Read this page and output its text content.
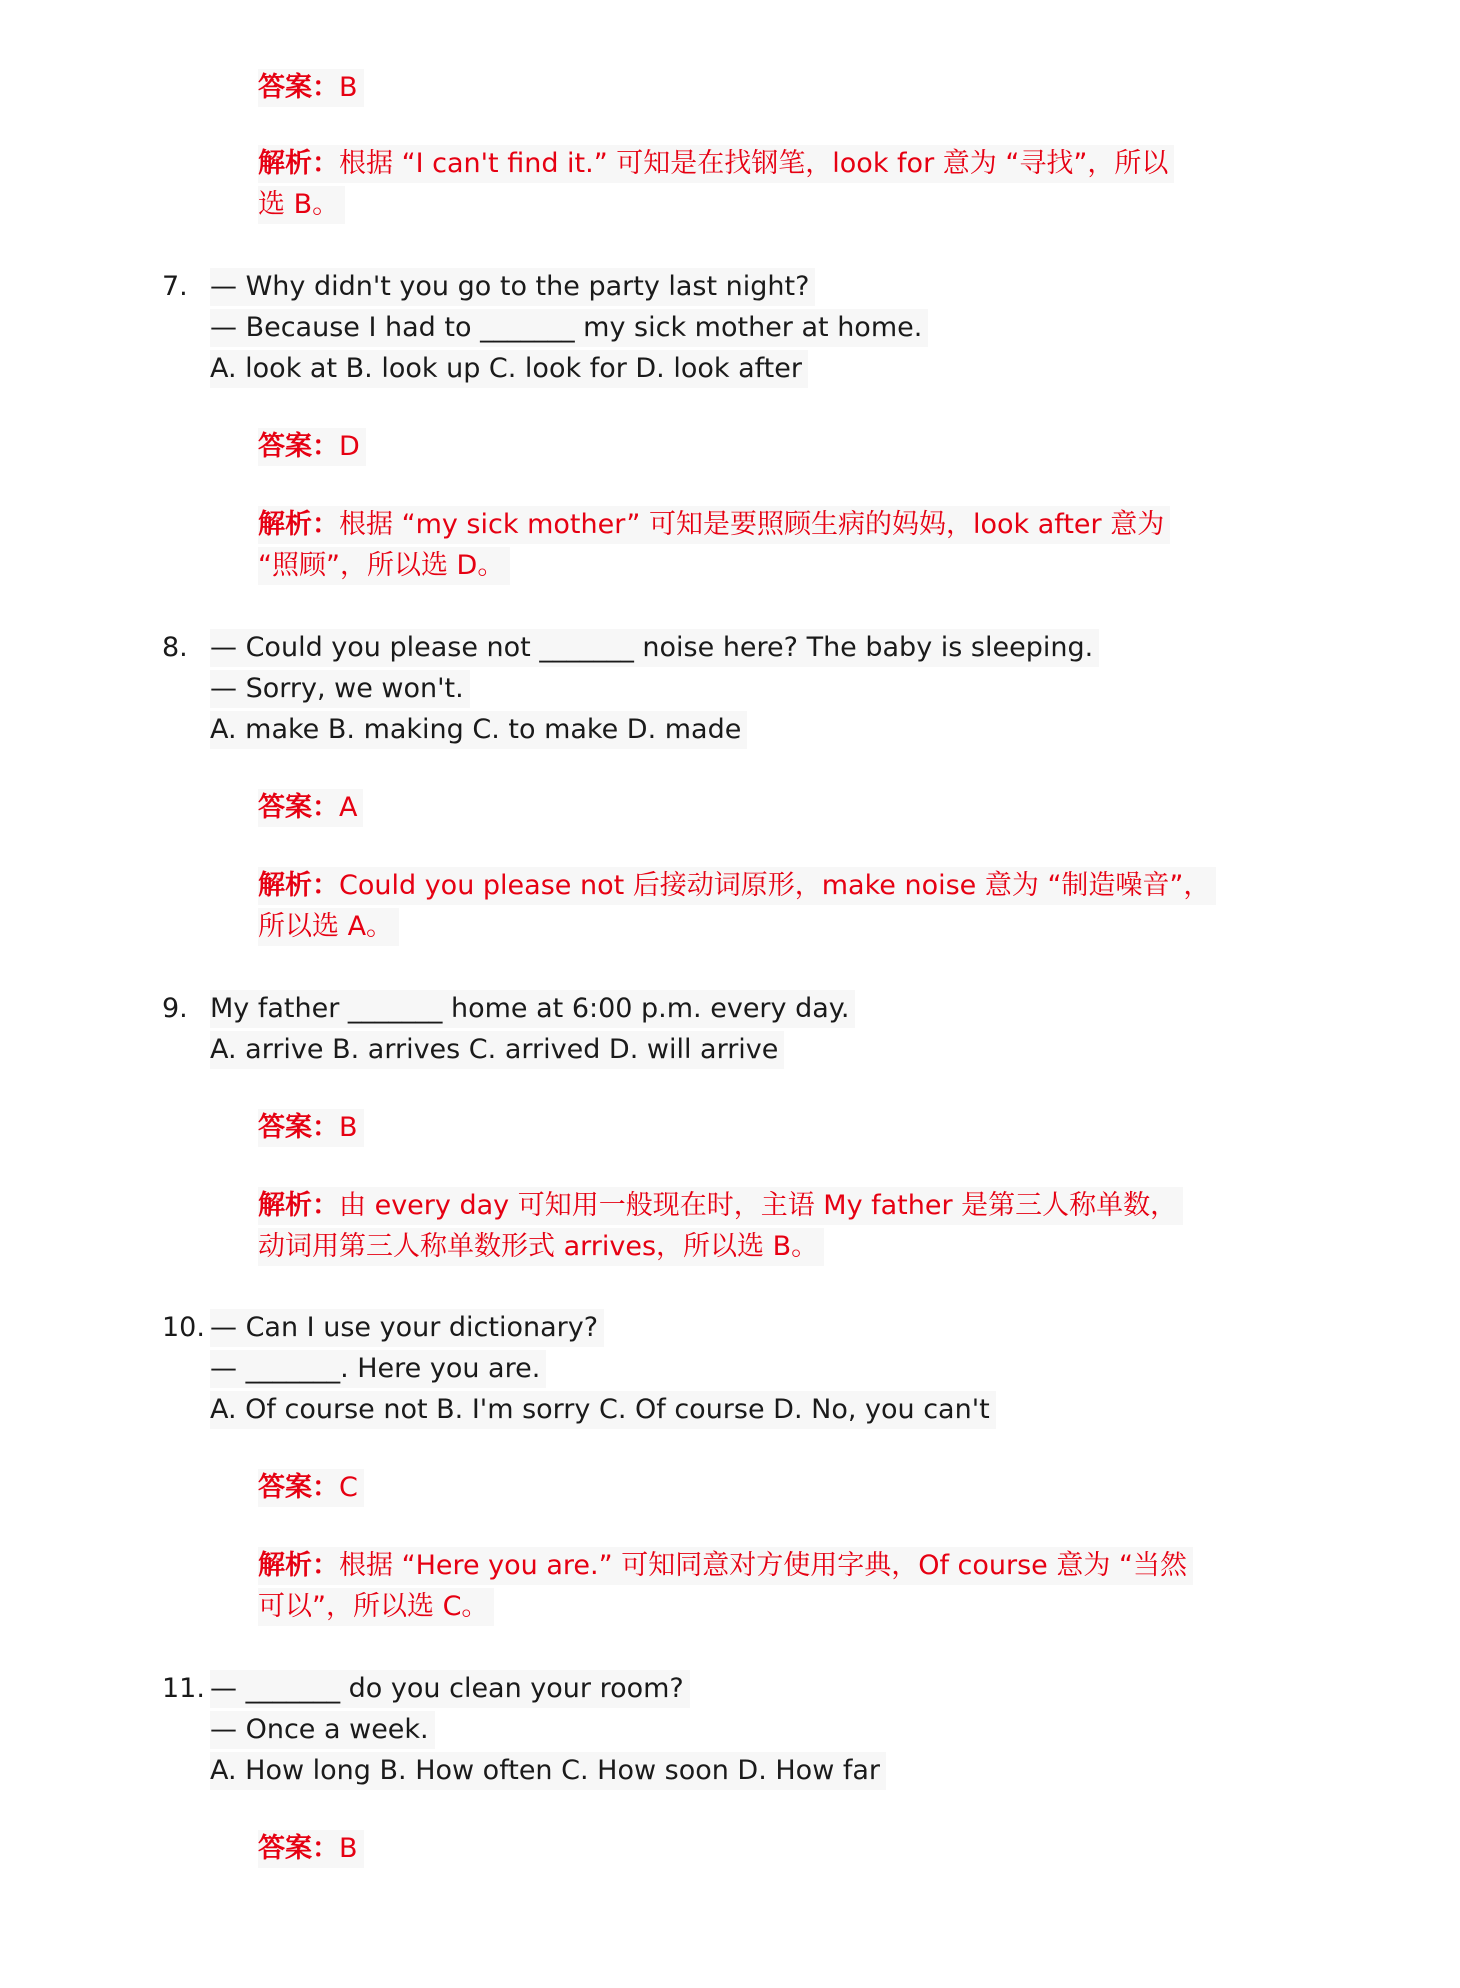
答案：B
解析：根据 “I can't find it.” 可知是在找钢笔，look for 意为 “寻找”，所以
选 B。
7. — Why didn't you go to the party last night?
— Because I had to _______ my sick mother at home.
A. look at B. look up C. look for D. look after
答案：D
解析：根据 “my sick mother” 可知是要照顾生病的妈妈，look after 意为
“照顾”，所以选 D。
8. — Could you please not _______ noise here? The baby is sleeping.
— Sorry, we won't.
A. make B. making C. to make D. made
答案：A
解析：Could you please not 后接动词原形，make noise 意为 “制造噪音”，
所以选 A。
9. My father _______ home at 6:00 p.m. every day.
A. arrive B. arrives C. arrived D. will arrive
答案：B
解析：由 every day 可知用一般现在时，主语 My father 是第三人称单数，
动词用第三人称单数形式 arrives，所以选 B。
10. — Can I use your dictionary?
— _______. Here you are.
A. Of course not B. I'm sorry C. Of course D. No, you can't
答案：C
解析：根据 “Here you are.” 可知同意对方使用字典，Of course 意为 “当然
可以”，所以选 C。
11. — _______ do you clean your room?
— Once a week.
A. How long B. How often C. How soon D. How far
答案：B
